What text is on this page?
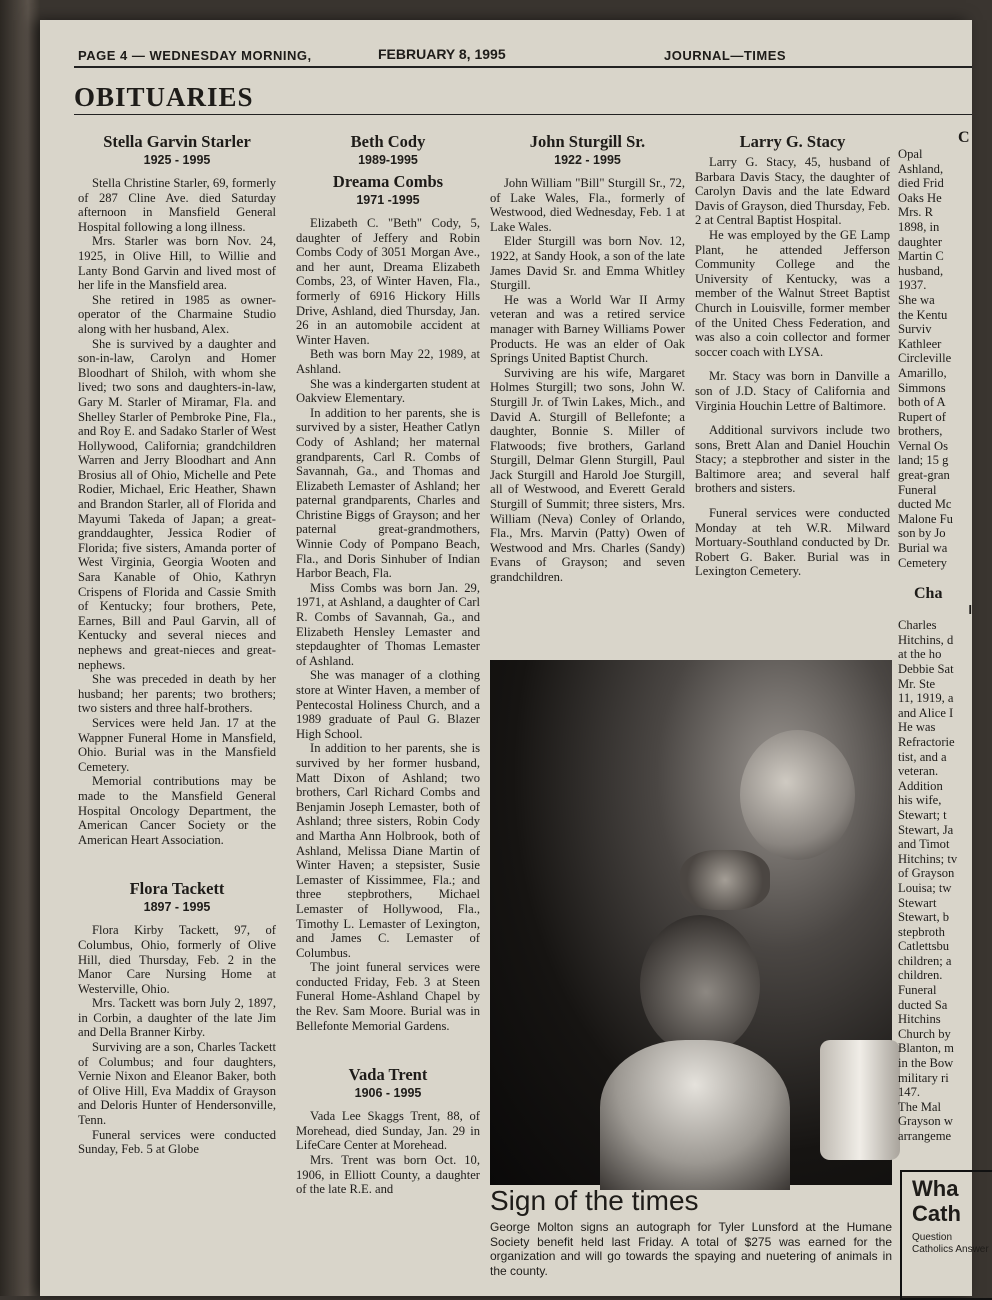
PAGE 4 — WEDNESDAY MORNING,	FEBRUARY 8, 1995	JOURNAL—TIMES
OBITUARIES
Stella Garvin Starler
1925 - 1995

Stella Christine Starler, 69, formerly of 287 Cline Ave. died Saturday afternoon in Mansfield General Hospital following a long illness.

Mrs. Starler was born Nov. 24, 1925, in Olive Hill, to Willie and Lanty Bond Garvin and lived most of her life in the Mansfield area.

She retired in 1985 as owner-operator of the Charmaine Studio along with her husband, Alex.

She is survived by a daughter and son-in-law, Carolyn and Homer Bloodhart of Shiloh, with whom she lived; two sons and daughters-in-law, Gary M. Starler of Miramar, Fla. and Shelley Starler of Pembroke Pine, Fla., and Roy E. and Sadako Starler of West Hollywood, California; grandchildren Warren and Jerry Bloodhart and Ann Brosius all of Ohio, Michelle and Pete Rodier, Michael, Eric Heather, Shawn and Brandon Starler, all of Florida and Mayumi Takeda of Japan; a great-granddaughter, Jessica Rodier of Florida; five sisters, Amanda porter of West Virginia, Georgia Wooten and Sara Kanable of Ohio, Kathryn Crispens of Florida and Cassie Smith of Kentucky; four brothers, Pete, Earnes, Bill and Paul Garvin, all of Kentucky and several nieces and nephews and great-nieces and great-nephews.

She was preceded in death by her husband; her parents; two brothers; two sisters and three half-brothers.

Services were held Jan. 17 at the Wappner Funeral Home in Mansfield, Ohio. Burial was in the Mansfield Cemetery.

Memorial contributions may be made to the Mansfield General Hospital Oncology Department, the American Cancer Society or the American Heart Association.

Flora Tackett
1897 - 1995

Flora Kirby Tackett, 97, of Columbus, Ohio, formerly of Olive Hill, died Thursday, Feb. 2 in the Manor Care Nursing Home at Westerville, Ohio.

Mrs. Tackett was born July 2, 1897, in Corbin, a daughter of the late Jim and Della Branner Kirby.

Surviving are a son, Charles Tackett of Columbus; and four daughters, Vernie Nixon and Eleanor Baker, both of Olive Hill, Eva Maddix of Grayson and Deloris Hunter of Hendersonville, Tenn.

Funeral services were conducted Sunday, Feb. 5 at Globe

Beth Cody
1989-1995
Dreama Combs
1971 -1995

Elizabeth C. "Beth" Cody, 5, daughter of Jeffery and Robin Combs Cody of 3051 Morgan Ave., and her aunt, Dreama Elizabeth Combs, 23, of Winter Haven, Fla., formerly of 6916 Hickory Hills Drive, Ashland, died Thursday, Jan. 26 in an automobile accident at Winter Haven.

Beth was born May 22, 1989, at Ashland.

She was a kindergarten student at Oakview Elementary.

In addition to her parents, she is survived by a sister, Heather Catlyn Cody of Ashland; her maternal grandparents, Carl R. Combs of Savannah, Ga., and Thomas and Elizabeth Lemaster of Ashland; her paternal grandparents, Charles and Christine Biggs of Grayson; and her paternal great-grandmothers, Winnie Cody of Pompano Beach, Fla., and Doris Sinhuber of Indian Harbor Beach, Fla.

Miss Combs was born Jan. 29, 1971, at Ashland, a daughter of Carl R. Combs of Savannah, Ga., and Elizabeth Hensley Lemaster and stepdaughter of Thomas Lemaster of Ashland.

She was manager of a clothing store at Winter Haven, a member of Pentecostal Holiness Church, and a 1989 graduate of Paul G. Blazer High School.

In addition to her parents, she is survived by her former husband, Matt Dixon of Ashland; two brothers, Carl Richard Combs and Benjamin Joseph Lemaster, both of Ashland; three sisters, Robin Cody and Martha Ann Holbrook, both of Ashland, Melissa Diane Martin of Winter Haven; a stepsister, Susie Lemaster of Kissimmee, Fla.; and three stepbrothers, Michael Lemaster of Hollywood, Fla., Timothy L. Lemaster of Lexington, and James C. Lemaster of Columbus.

The joint funeral services were conducted Friday, Feb. 3 at Steen Funeral Home-Ashland Chapel by the Rev. Sam Moore. Burial was in Bellefonte Memorial Gardens.

Vada Trent
1906 - 1995

Vada Lee Skaggs Trent, 88, of Morehead, died Sunday, Jan. 29 in LifeCare Center at Morehead.

Mrs. Trent was born Oct. 10, 1906, in Elliott County, a daughter of the late R.E. and

John Sturgill Sr.
1922 - 1995

John William "Bill" Sturgill Sr., 72, of Lake Wales, Fla., formerly of Westwood, died Wednesday, Feb. 1 at Lake Wales.

Elder Sturgill was born Nov. 12, 1922, at Sandy Hook, a son of the late James David Sr. and Emma Whitley Sturgill.

He was a World War II Army veteran and was a retired service manager with Barney Williams Power Products. He was an elder of Oak Springs United Baptist Church.

Surviving are his wife, Margaret Holmes Sturgill; two sons, John W. Sturgill Jr. of Twin Lakes, Mich., and David A. Sturgill of Bellefonte; a daughter, Bonnie S. Miller of Flatwoods; five brothers, Garland Sturgill, Delmar Glenn Sturgill, Paul Jack Sturgill and Harold Joe Sturgill, all of Westwood, and Everett Gerald Sturgill of Summit; three sisters, Mrs. William (Neva) Conley of Orlando, Fla., Mrs. Marvin (Patty) Owen of Westwood and Mrs. Charles (Sandy) Evans of Grayson; and seven grandchildren.

Larry G. Stacy

Larry G. Stacy, 45, husband of Barbara Davis Stacy, the daughter of Carolyn Davis and the late Edward Davis of Grayson, died Thursday, Feb. 2 at Central Baptist Hospital.

He was employed by the GE Lamp Plant, he attended Jefferson Community College and the University of Kentucky, was a member of the Walnut Street Baptist Church in Louisville, former member of the United Chess Federation, and was also a coin collector and former soccer coach with LYSA.

Mr. Stacy was born in Danville a son of J.D. Stacy of California and Virginia Houchin Lettre of Baltimore.

Additional survivors include two sons, Brett Alan and Daniel Houchin Stacy; a stepbrother and sister in the Baltimore area; and several half brothers and sisters.

Funeral services were conducted Monday at teh W.R. Milward Mortuary-Southland conducted by Dr. Robert G. Baker. Burial was in Lexington Cemetery.

Sign of the times
George Molton signs an autograph for Tyler Lunsford at the Humane Society benefit held last Friday. A total of $275 was earned for the organization and will go towards the spaying and nuetering of animals in the county.
C
Opal
Ashland,
died Frid
Oaks He
Mrs. R
1898, in
daughter
Martin C
husband,
1937.
She wa
the Kentu
Surviv
Kathleer
Circleville
Amarillo,
Simmons
both of A
Rupert of
brothers,
Vernal Os
land; 15 g
great-gran
Funeral
ducted Mc
Malone Fu
son by Jo
Burial wa
Cemetery
Cha
I
Charles
Hitchins, d
at the ho
Debbie Sat
Mr. Ste
11, 1919, a
and Alice I
He was
Refractorie
tist, and a
veteran.
Addition
his wife,
Stewart; t
Stewart, Ja
and Timot
Hitchins; tv
of Grayson
Louisa; tw
Stewart
Stewart, b
stepbroth
Catlettsbu
children; a
children.
Funeral
ducted Sa
Hitchins
Church by
Blanton, m
in the Bow
military ri
147.
The Mal
Grayson w
arrangeme
Wha Cath
Question Catholics Answer
